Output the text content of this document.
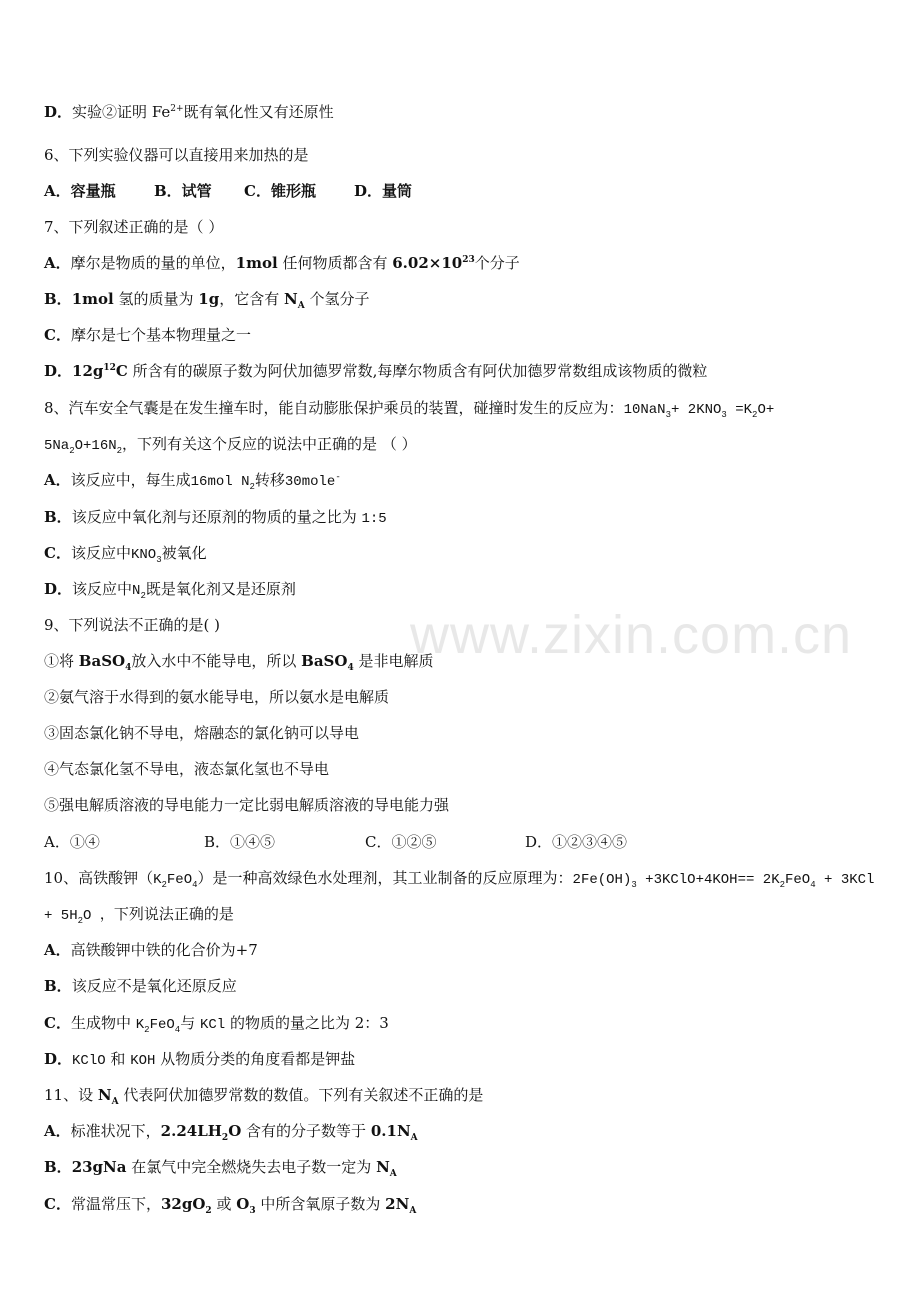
www.zixin.com.cn
D．实验②证明 $Fe^{2+}$既有氧化性又有还原性
6、下列实验仪器可以直接用来加热的是
A．容量瓶	B．试管 C．锥形瓶	D．量筒
7、下列叙述正确的是（ ）
A．摩尔是物质的量的单位，1mol 任何物质都含有 $6.02\times 10^{23}$个分子
B．1mol 氢的质量为 1g，它含有 $N_A$ 个氢分子
C．摩尔是七个基本物理量之一
D．$12g^{12}C$ 所含有的碳原子数为阿伏加德罗常数,每摩尔物质含有阿伏加德罗常数组成该物质的微粒
8、汽车安全气囊是在发生撞车时，能自动膨胀保护乘员的装置，碰撞时发生的反应为：$10NaN_3+ 2KNO_3 =K_2O+$
$5Na_2O+16N_2$，下列有关这个反应的说法中正确的是 （ ）
A．该反应中，每生成16mol $N_2$转移30mole-
B．该反应中氧化剂与还原剂的物质的量之比为 1:5
C．该反应中$KNO_3$被氧化
D．该反应中$N_2$既是氧化剂又是还原剂
9、下列说法不正确的是( )
①将 BaSO$_4$放入水中不能导电，所以 BaSO$_4$ 是非电解质
②氨气溶于水得到的氨水能导电，所以氨水是电解质
③固态氯化钠不导电，熔融态的氯化钠可以导电
④气态氯化氢不导电，液态氯化氢也不导电
⑤强电解质溶液的导电能力一定比弱电解质溶液的导电能力强
A．①④	B．①④⑤	C．①②⑤	D．①②③④⑤
10、高铁酸钾$(K_2FeO_4)$是一种高效绿色水处理剂，其工业制备的反应原理为：$2Fe(OH)_3$ +3KClO+4KOH== $2K_2FeO_4 + 3KCl$
+ $5H_2O$ ，下列说法正确的是
A．高铁酸钾中铁的化合价为+7
B．该反应不是氧化还原反应
C．生成物中 $K_2FeO_4$与 KCl 的物质的量之比为 2：3
D．KClO 和 KOH 从物质分类的角度看都是钾盐
11、设 $N_A$ 代表阿伏加德罗常数的数值。下列有关叙述不正确的是
A．标准状况下，$2.24LH_2O$ 含有的分子数等于 $0.1N_A$
B．23gNa 在氯气中完全燃烧失去电子数一定为 $N_A$
C．常温常压下，$32gO_2$ 或 $O_3$ 中所含氧原子数为 $2N_A$
